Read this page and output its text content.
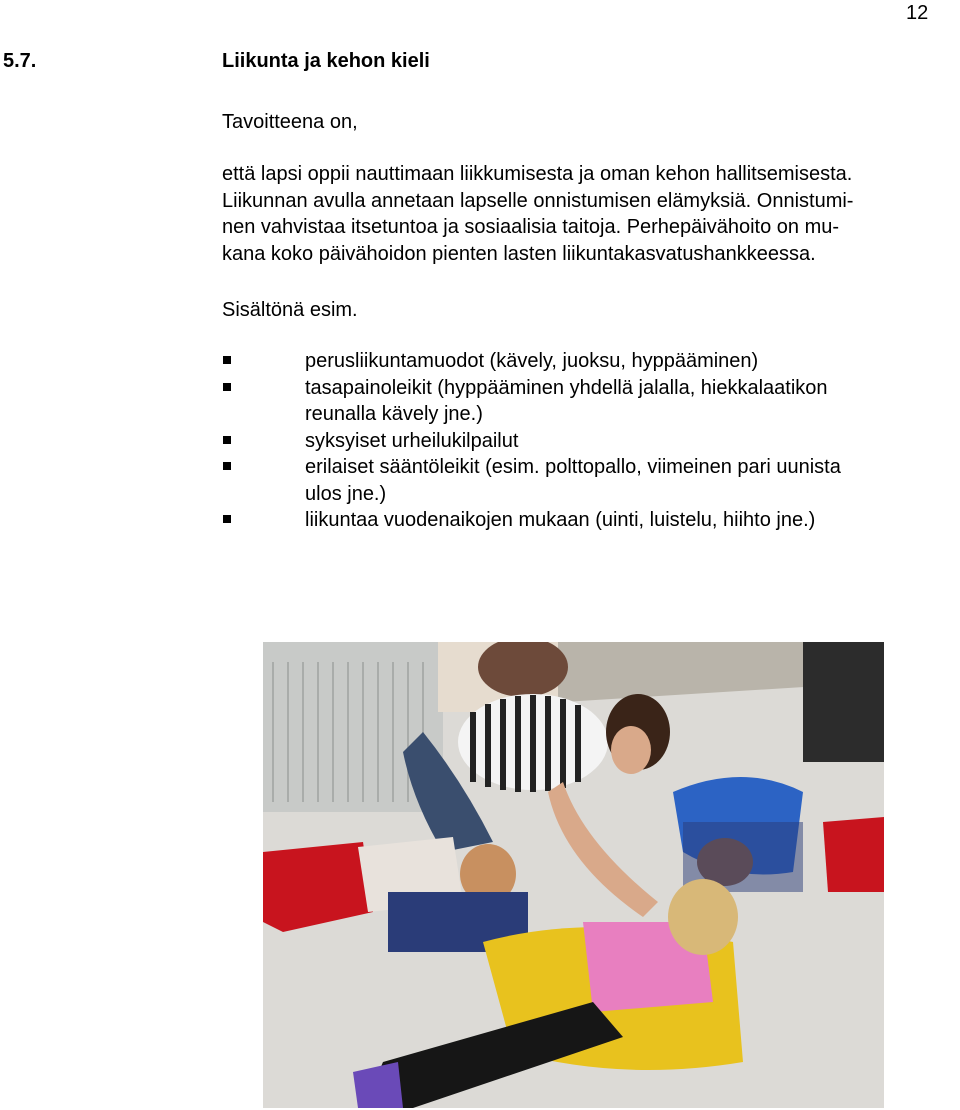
12
5.7.	Liikunta ja kehon kieli
Tavoitteena on,

että lapsi oppii nauttimaan liikkumisesta ja oman kehon hallitsemisesta.
Liikunnan avulla annetaan lapselle onnistumisen elämyksiä. Onnistumi-
nen vahvistaa itsetuntoa ja sosiaalisia taitoja. Perhepäivähoito on mu-
kana koko päivähoidon pienten lasten liikuntakasvatushankkeessa.

Sisältönä esim.
perusliikuntamuodot (kävely, juoksu, hyppääminen)
tasapainoleikit (hyppääminen yhdellä jalalla, hiekkalaatikon
reunalla kävely jne.)
syksyiset urheilukilpailut
erilaiset sääntöleikit (esim. polttopallo, viimeinen pari uunista
ulos jne.)
liikuntaa vuodenaikojen mukaan (uinti, luistelu, hiihto jne.)
